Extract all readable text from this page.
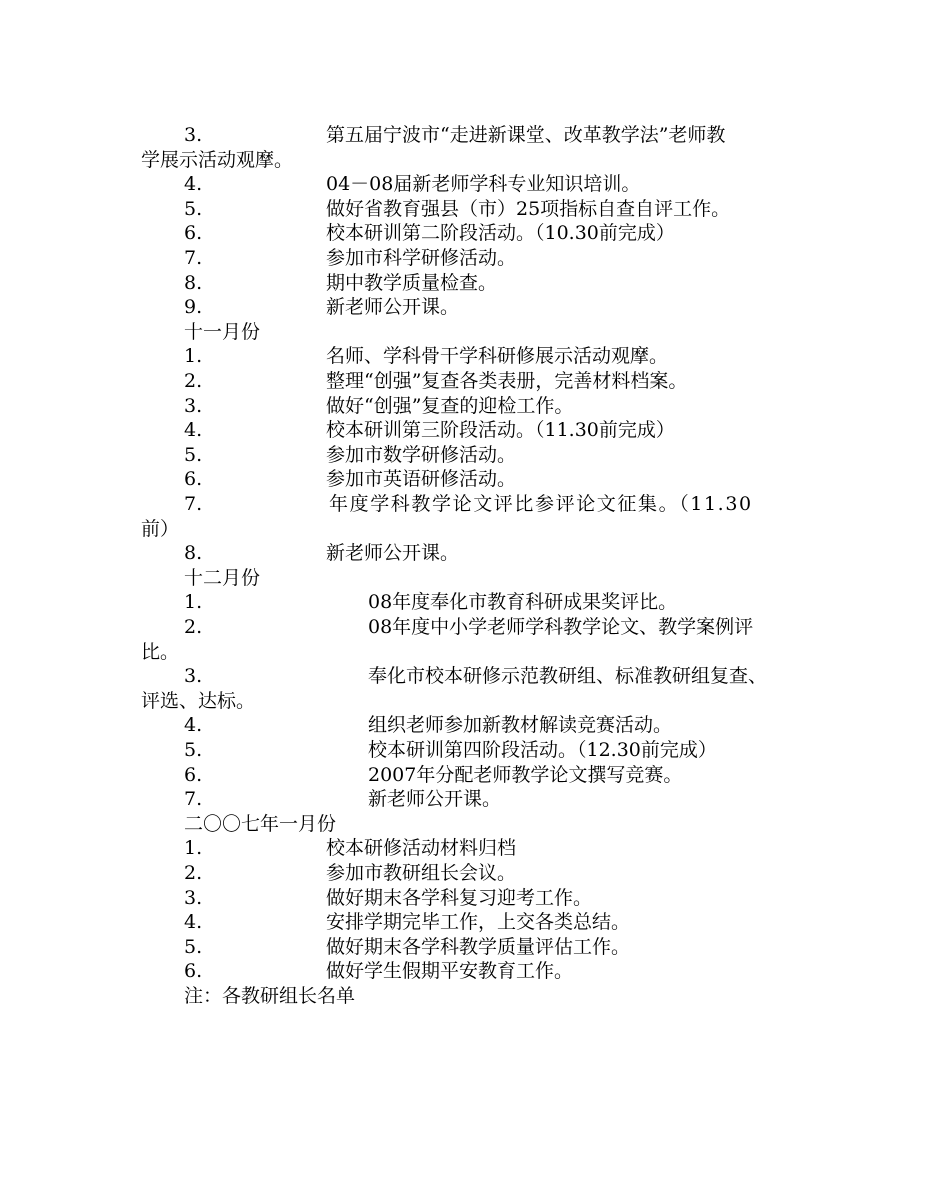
3.	第五届宁波市“走进新课堂、改革教学法”老师教
学展示活动观摩。
4.	04－08届新老师学科专业知识培训。
5.	做好省教育强县（市）25项指标自查自评工作。
6.	校本研训第二阶段活动。（10.30前完成）
7.	参加市科学研修活动。
8.	期中教学质量检查。
9.	新老师公开课。
十一月份
1.	名师、学科骨干学科研修展示活动观摩。
2.	整理“创强”复查各类表册，完善材料档案。
3.	做好“创强”复查的迎检工作。
4.	校本研训第三阶段活动。（11.30前完成）
5.	参加市数学研修活动。
6.	参加市英语研修活动。
7.	年度学科教学论文评比参评论文征集。（11.30
前）
8.	新老师公开课。
十二月份
1.	08年度奉化市教育科研成果奖评比。
2.	08年度中小学老师学科教学论文、教学案例评
比。
3.	奉化市校本研修示范教研组、标准教研组复查、
评选、达标。
4.	组织老师参加新教材解读竞赛活动。
5.	校本研训第四阶段活动。（12.30前完成）
6.	2007年分配老师教学论文撰写竞赛。
7.	新老师公开课。
二〇〇七年一月份
1.	校本研修活动材料归档
2.	参加市教研组长会议。
3.	做好期末各学科复习迎考工作。
4.	安排学期完毕工作，上交各类总结。
5.	做好期末各学科教学质量评估工作。
6.	做好学生假期平安教育工作。
注：各教研组长名单
